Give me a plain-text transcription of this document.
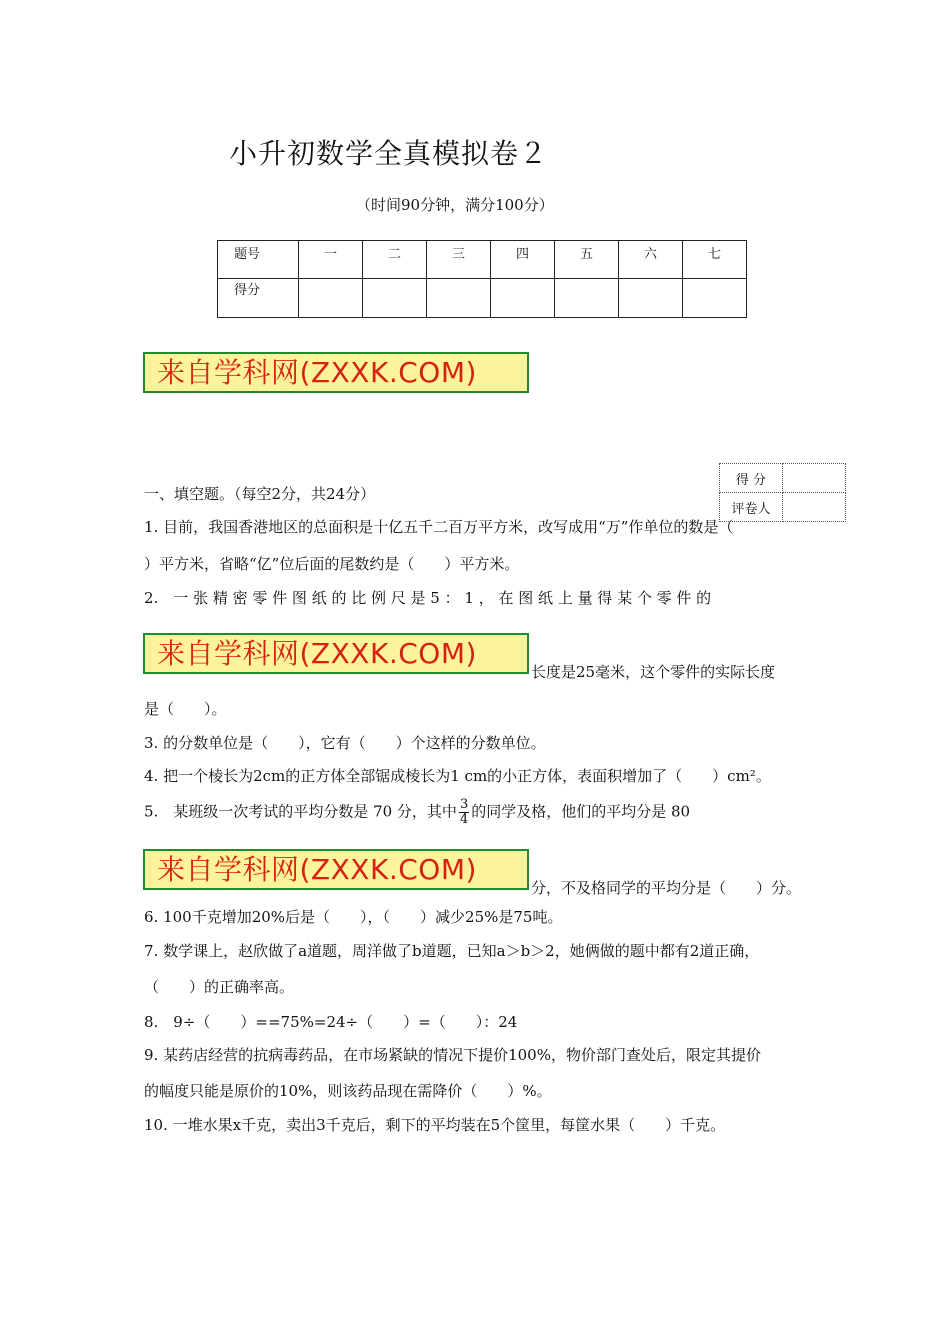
小升初数学全真模拟卷２
（时间90分钟，满分100分）
题号	一	二	三	四	五	六	七
得分							
来自学科网(ZXXK.COM)
得 分	
评卷人	
一、填空题。（每空2分，共24分）
1. 目前，我国香港地区的总面积是十亿五千二百万平方米，改写成用“万”作单位的数是（
）平方米，省略“亿”位后面的尾数约是（　　）平方米。
2.　一 张 精 密 零 件 图 纸 的 比 例 尺 是 5 ： 1 ， 在 图 纸 上 量 得 某 个 零 件 的
来自学科网(ZXXK.COM)
长度是25毫米，这个零件的实际长度
是（　　）。
3. 的分数单位是（　　），它有（　　）个这样的分数单位。
4. 把一个棱长为2cm的正方体全部锯成棱长为1 cm的小正方体，表面积增加了（　　）cm²。
5.　某班级一次考试的平均分数是 70 分，其中 $\frac{3}{4}$ 的同学及格，他们的平均分是 80
来自学科网(ZXXK.COM)
分，不及格同学的平均分是（　　）分。
6. 100千克增加20%后是（　　），（　　）减少25%是75吨。
7. 数学课上，赵欣做了a道题，周洋做了b道题，已知a＞b＞2，她俩做的题中都有2道正确，
（　　）的正确率高。
8.　9÷（　　）==75%=24÷（　　）=（　　）：24
9. 某药店经营的抗病毒药品，在市场紧缺的情况下提价100%，物价部门查处后，限定其提价
的幅度只能是原价的10%，则该药品现在需降价（　　）%。
10. 一堆水果x千克，卖出3千克后，剩下的平均装在5个筐里，每筐水果（　　）千克。
